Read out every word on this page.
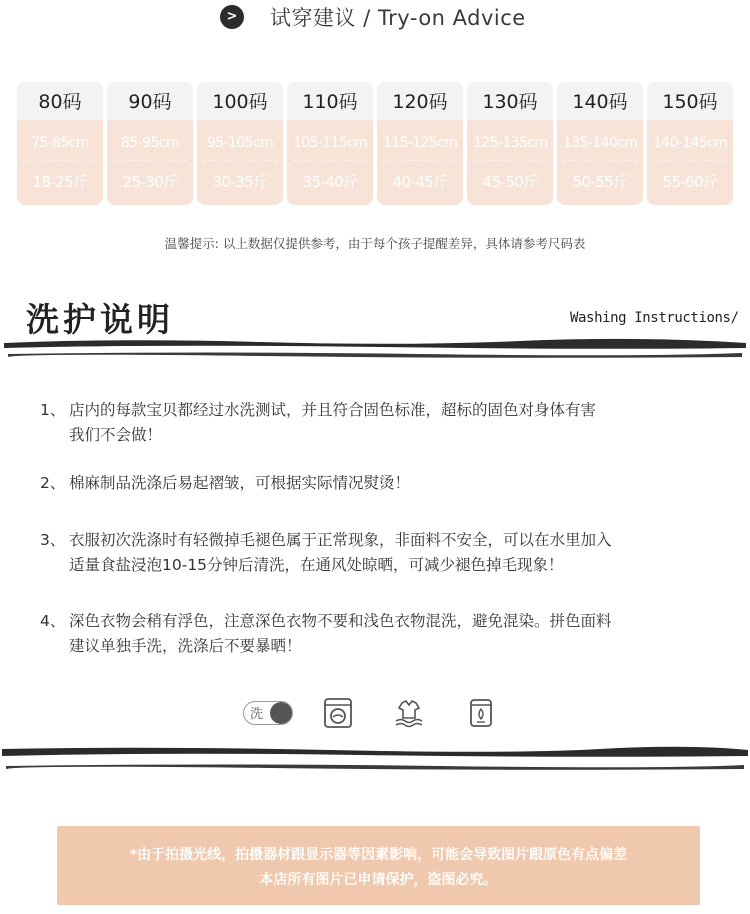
>	试穿建议 / Try-on Advice
80码
75-85cm
18-25斤
90码
85-95cm
25-30斤
100码
95-105cm
30-35斤
110码
105-115cm
35-40斤
120码
115-125cm
40-45斤
130码
125-135cm
45-50斤
140码
135-140cm
50-55斤
150码
140-145cm
55-60斤
温馨提示: 以上数据仅提供参考，由于每个孩子提醒差异，具体请参考尺码表
洗护说明	Washing Instructions/
1、 店内的每款宝贝都经过水洗测试，并且符合固色标准，超标的固色对身体有害
我们不会做！
2、 棉麻制品洗涤后易起褶皱，可根据实际情况熨烫！
3、 衣服初次洗涤时有轻微掉毛褪色属于正常现象，非面料不安全，可以在水里加入
适量食盐浸泡10-15分钟后清洗，在通风处晾晒，可减少褪色掉毛现象！
4、 深色衣物会稍有浮色，注意深色衣物不要和浅色衣物混洗，避免混染。拼色面料
建议单独手洗，洗涤后不要暴晒！
洗
*由于拍摄光线，拍摄器材跟显示器等因素影响，可能会导致图片跟原色有点偏差
本店所有图片已申请保护，盗图必究。
